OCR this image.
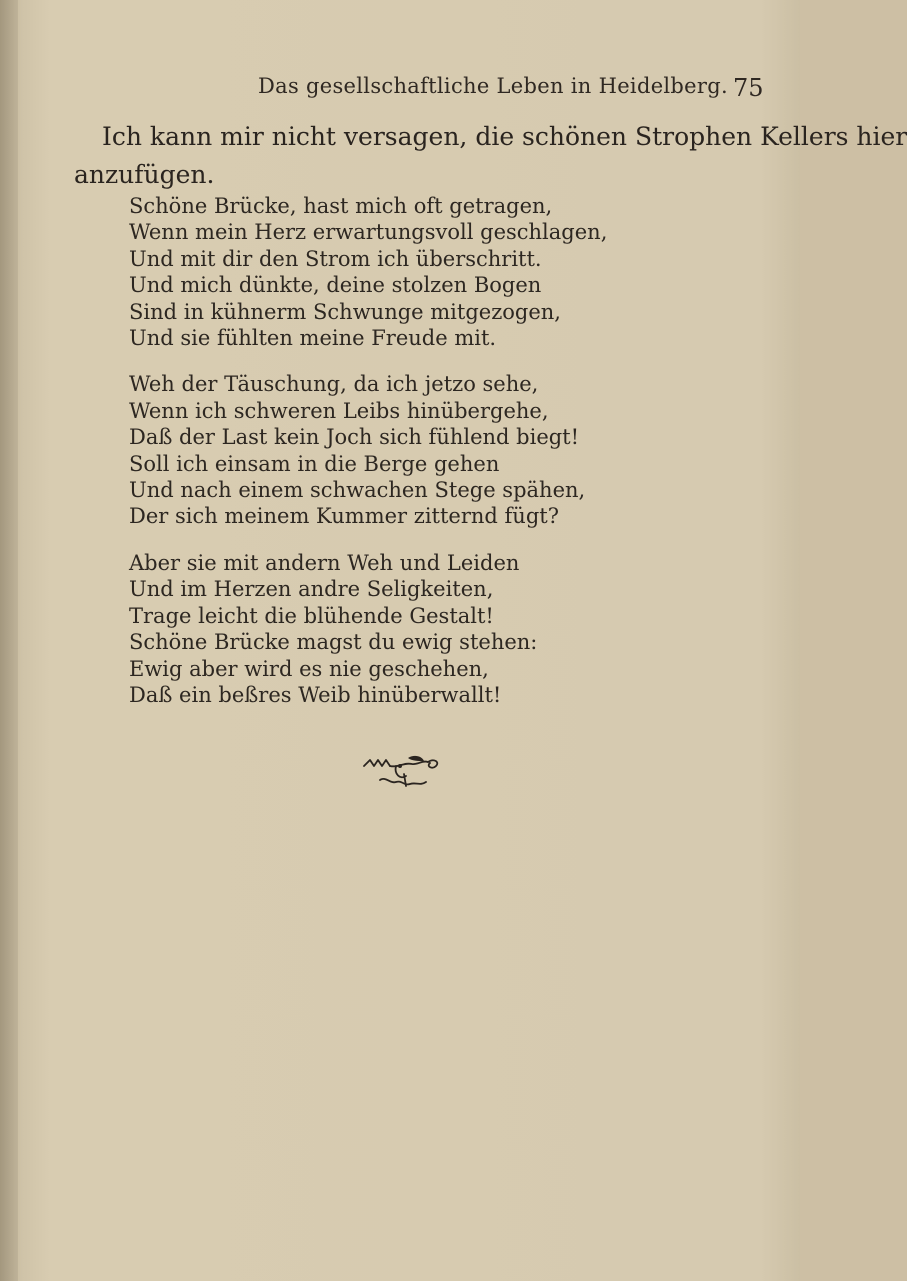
Das gesellschaftliche Leben in Heidelberg. 75
Ich kann mir nicht versagen, die schönen Strophen Kellers hier
anzufügen.
Schöne Brücke, hast mich oft getragen,
Wenn mein Herz erwartungsvoll geschlagen,
Und mit dir den Strom ich überschritt.
Und mich dünkte, deine stolzen Bogen
Sind in kühnerm Schwunge mitgezogen,
Und sie fühlten meine Freude mit.
Weh der Täuschung, da ich jetzo sehe,
Wenn ich schweren Leibs hinübergehe,
Daß der Last kein Joch sich fühlend biegt!
Soll ich einsam in die Berge gehen
Und nach einem schwachen Stege spähen,
Der sich meinem Kummer zitternd fügt?
Aber sie mit andern Weh und Leiden
Und im Herzen andre Seligkeiten,
Trage leicht die blühende Gestalt!
Schöne Brücke magst du ewig stehen:
Ewig aber wird es nie geschehen,
Daß ein beßres Weib hinüberwallt!
